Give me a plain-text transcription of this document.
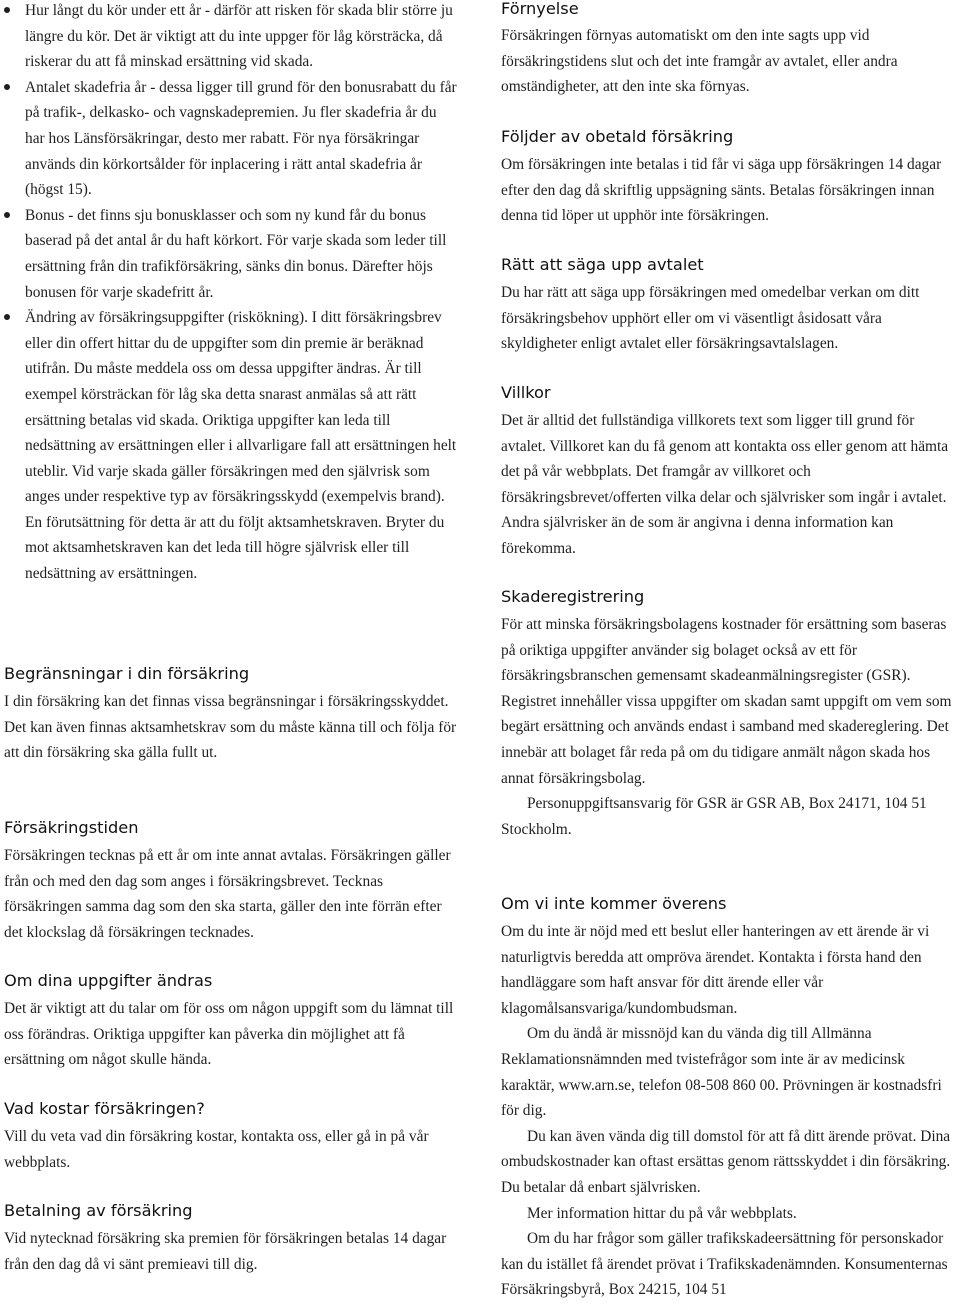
Hur långt du kör under ett år - därför att risken för skada blir större ju längre du kör. Det är viktigt att du inte uppger för låg körsträcka, då riskerar du att få minskad ersättning vid skada.
Antalet skadefria år - dessa ligger till grund för den bonusrabatt du får på trafik-, delkasko- och vagnskadepremien. Ju fler skadefria år du har hos Länsförsäkringar, desto mer rabatt. För nya försäkringar används din körkortsålder för inplacering i rätt antal skadefria år (högst 15).
Bonus - det finns sju bonusklasser och som ny kund får du bonus baserad på det antal år du haft körkort. För varje skada som leder till ersättning från din trafikförsäkring, sänks din bonus. Därefter höjs bonusen för varje skadefritt år.
Ändring av försäkringsuppgifter (riskökning). I ditt försäkringsbrev eller din offert hittar du de uppgifter som din premie är beräknad utifrån. Du måste meddela oss om dessa uppgifter ändras. Är till exempel körsträckan för låg ska detta snarast anmälas så att rätt ersättning betalas vid skada. Oriktiga uppgifter kan leda till nedsättning av ersättningen eller i allvarligare fall att ersättningen helt uteblir. Vid varje skada gäller försäkringen med den självrisk som anges under respektive typ av försäkringsskydd (exempelvis brand). En förutsättning för detta är att du följt aktsamhetskraven. Bryter du mot aktsamhetskraven kan det leda till högre självrisk eller till nedsättning av ersättningen.
Begränsningar i din försäkring

I din försäkring kan det finnas vissa begränsningar i försäkringsskyddet. Det kan även finnas aktsamhetskrav som du måste känna till och följa för att din försäkring ska gälla fullt ut.

Försäkringstiden

Försäkringen tecknas på ett år om inte annat avtalas. Försäkringen gäller från och med den dag som anges i försäkringsbrevet. Tecknas försäkringen samma dag som den ska starta, gäller den inte förrän efter det klockslag då försäkringen tecknades.

Om dina uppgifter ändras

Det är viktigt att du talar om för oss om någon uppgift som du lämnat till oss förändras. Oriktiga uppgifter kan påverka din möjlighet att få ersättning om något skulle hända.

Vad kostar försäkringen?

Vill du veta vad din försäkring kostar, kontakta oss, eller gå in på vår webbplats.

Betalning av försäkring

Vid nytecknad försäkring ska premien för försäkringen betalas 14 dagar från den dag då vi sänt premieavi till dig.

Förnyelse

Försäkringen förnyas automatiskt om den inte sagts upp vid försäkringstidens slut och det inte framgår av avtalet, eller andra omständigheter, att den inte ska förnyas.

Följder av obetald försäkring

Om försäkringen inte betalas i tid får vi säga upp försäkringen 14 dagar efter den dag då skriftlig uppsägning sänts. Betalas försäkringen innan denna tid löper ut upphör inte försäkringen.

Rätt att säga upp avtalet

Du har rätt att säga upp försäkringen med omedelbar verkan om ditt försäkringsbehov upphört eller om vi väsentligt åsidosatt våra skyldigheter enligt avtalet eller försäkringsavtalslagen.

Villkor

Det är alltid det fullständiga villkorets text som ligger till grund för avtalet. Villkoret kan du få genom att kontakta oss eller genom att hämta det på vår webbplats. Det framgår av villkoret och försäkringsbrevet/offerten vilka delar och självrisker som ingår i avtalet. Andra självrisker än de som är angivna i denna information kan förekomma.

Skaderegistrering

För att minska försäkringsbolagens kostnader för ersättning som baseras på oriktiga uppgifter använder sig bolaget också av ett för försäkringsbranschen gemensamt skadeanmälningsregister (GSR). Registret innehåller vissa uppgifter om skadan samt uppgift om vem som begärt ersättning och används endast i samband med skadereglering. Det innebär att bolaget får reda på om du tidigare anmält någon skada hos annat försäkringsbolag.

Personuppgiftsansvarig för GSR är GSR AB, Box 24171, 104 51 Stockholm.

Om vi inte kommer överens

Om du inte är nöjd med ett beslut eller hanteringen av ett ärende är vi naturligtvis beredda att ompröva ärendet. Kontakta i första hand den handläggare som haft ansvar för ditt ärende eller vår klagomålsansvariga/kundombudsman.

Om du ändå är missnöjd kan du vända dig till Allmänna Reklamationsnämnden med tvistefrågor som inte är av medicinsk karaktär, www.arn.se, telefon 08-508 860 00. Prövningen är kostnadsfri för dig.

Du kan även vända dig till domstol för att få ditt ärende prövat. Dina ombudskostnader kan oftast ersättas genom rättsskyddet i din försäkring. Du betalar då enbart självrisken.

Mer information hittar du på vår webbplats.

Om du har frågor som gäller trafikskadeersättning för personskador kan du istället få ärendet prövat i Trafikskadenämnden. Konsumenternas Försäkringsbyrå, Box 24215, 104 51
